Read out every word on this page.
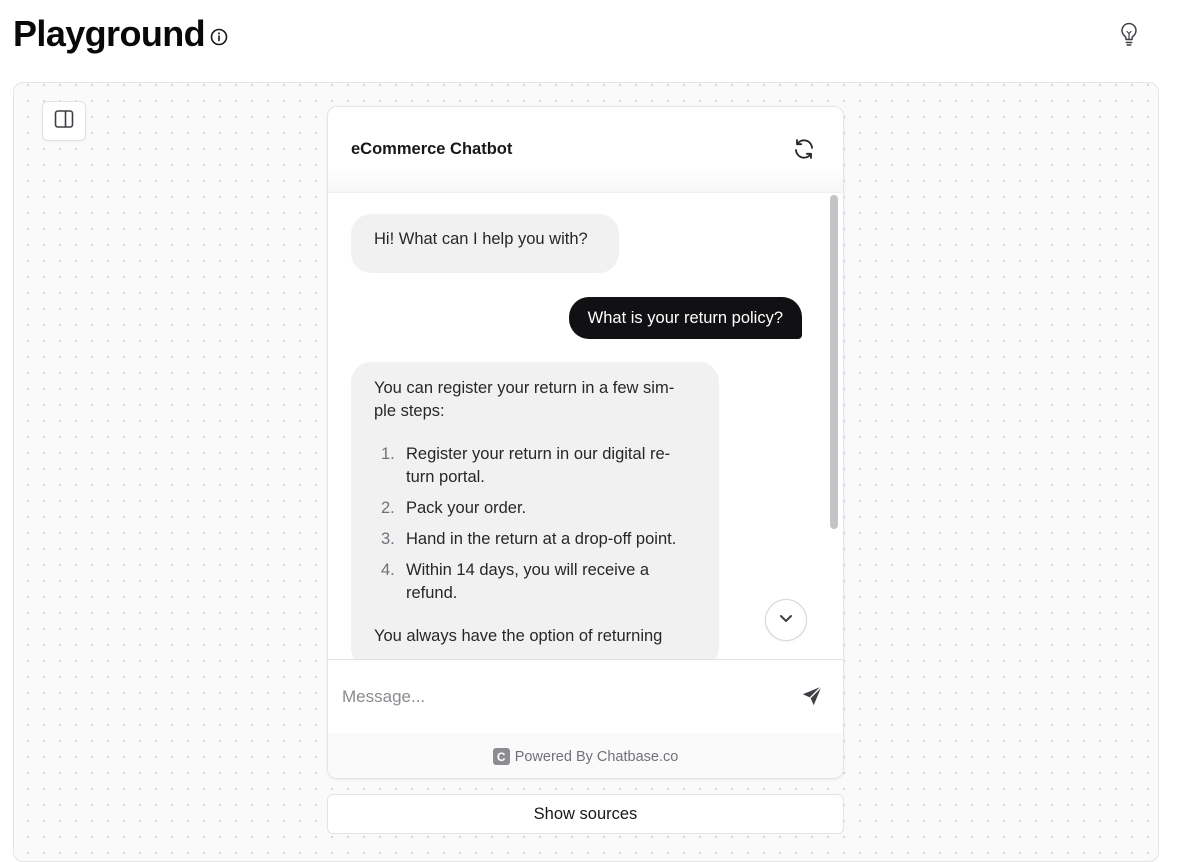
Playground
eCommerce Chatbot
Hi! What can I help you with?
What is your return policy?

You can register your return in a few sim-ple steps:

1. Register your return in our digital re-turn portal.
2. Pack your order.
3. Hand in the return at a drop-off point.
4. Within 14 days, you will receive a refund.

You always have the option of returning

Message...
C Powered By Chatbase.co
Show sources
